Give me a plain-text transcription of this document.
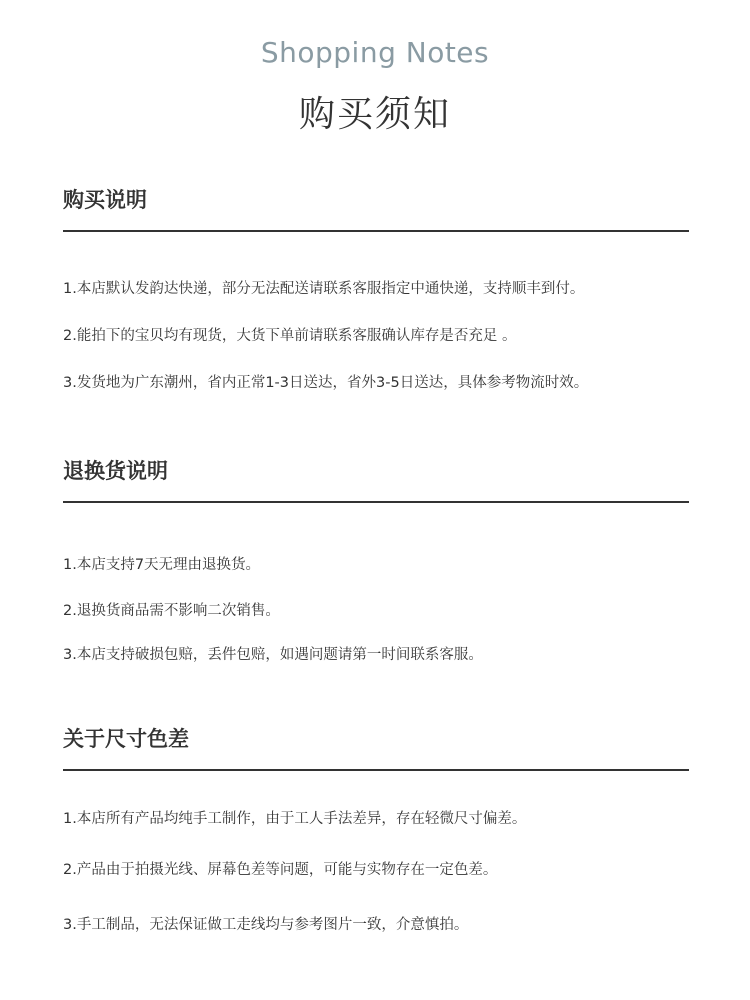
Shopping Notes
购买须知
购买说明
1.本店默认发韵达快递，部分无法配送请联系客服指定中通快递，支持顺丰到付。
2.能拍下的宝贝均有现货，大货下单前请联系客服确认库存是否充足 。
3.发货地为广东潮州，省内正常1-3日送达，省外3-5日送达，具体参考物流时效。
退换货说明
1.本店支持7天无理由退换货。
2.退换货商品需不影响二次销售。
3.本店支持破损包赔，丢件包赔，如遇问题请第一时间联系客服。
关于尺寸色差
1.本店所有产品均纯手工制作，由于工人手法差异，存在轻微尺寸偏差。
2.产品由于拍摄光线、屏幕色差等问题，可能与实物存在一定色差。
3.手工制品，无法保证做工走线均与参考图片一致，介意慎拍。
